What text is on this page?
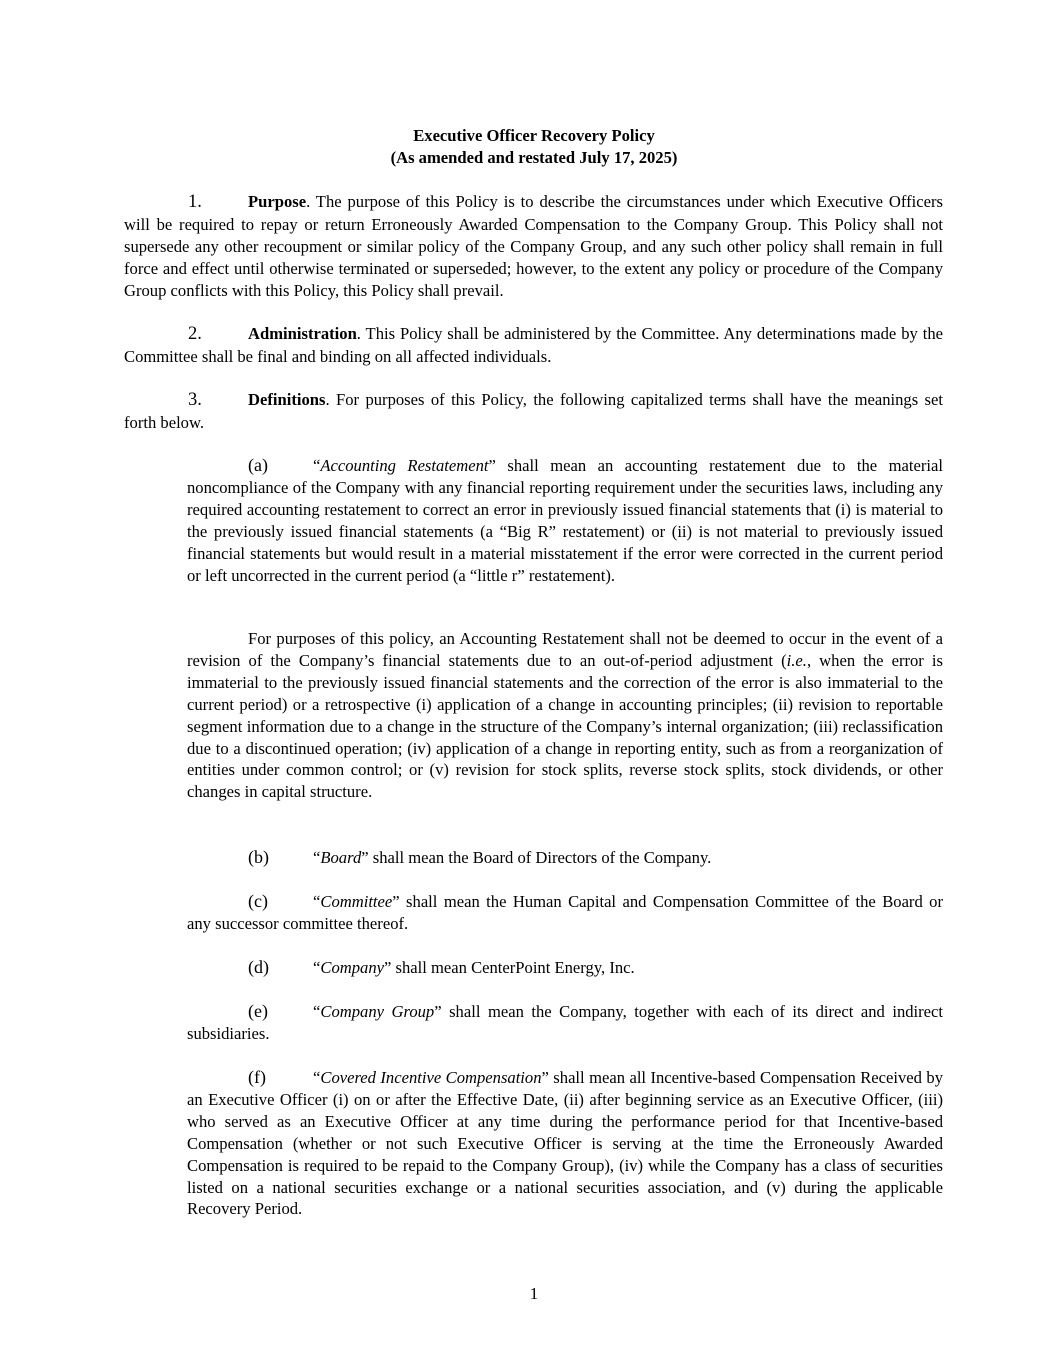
Executive Officer Recovery Policy
(As amended and restated July 17, 2025)
1.	Purpose. The purpose of this Policy is to describe the circumstances under which Executive Officers will be required to repay or return Erroneously Awarded Compensation to the Company Group. This Policy shall not supersede any other recoupment or similar policy of the Company Group, and any such other policy shall remain in full force and effect until otherwise terminated or superseded; however, to the extent any policy or procedure of the Company Group conflicts with this Policy, this Policy shall prevail.
2.	Administration. This Policy shall be administered by the Committee. Any determinations made by the Committee shall be final and binding on all affected individuals.
3.	Definitions. For purposes of this Policy, the following capitalized terms shall have the meanings set forth below.
(a)	“Accounting Restatement” shall mean an accounting restatement due to the material noncompliance of the Company with any financial reporting requirement under the securities laws, including any required accounting restatement to correct an error in previously issued financial statements that (i) is material to the previously issued financial statements (a “Big R” restatement) or (ii) is not material to previously issued financial statements but would result in a material misstatement if the error were corrected in the current period or left uncorrected in the current period (a “little r” restatement).
For purposes of this policy, an Accounting Restatement shall not be deemed to occur in the event of a revision of the Company’s financial statements due to an out-of-period adjustment (i.e., when the error is immaterial to the previously issued financial statements and the correction of the error is also immaterial to the current period) or a retrospective (i) application of a change in accounting principles; (ii) revision to reportable segment information due to a change in the structure of the Company’s internal organization; (iii) reclassification due to a discontinued operation; (iv) application of a change in reporting entity, such as from a reorganization of entities under common control; or (v) revision for stock splits, reverse stock splits, stock dividends, or other changes in capital structure.
(b)	“Board” shall mean the Board of Directors of the Company.
(c)	“Committee” shall mean the Human Capital and Compensation Committee of the Board or any successor committee thereof.
(d)	“Company” shall mean CenterPoint Energy, Inc.
(e)	“Company Group” shall mean the Company, together with each of its direct and indirect subsidiaries.
(f)	“Covered Incentive Compensation” shall mean all Incentive-based Compensation Received by an Executive Officer (i) on or after the Effective Date, (ii) after beginning service as an Executive Officer, (iii) who served as an Executive Officer at any time during the performance period for that Incentive-based Compensation (whether or not such Executive Officer is serving at the time the Erroneously Awarded Compensation is required to be repaid to the Company Group), (iv) while the Company has a class of securities listed on a national securities exchange or a national securities association, and (v) during the applicable Recovery Period.
1
